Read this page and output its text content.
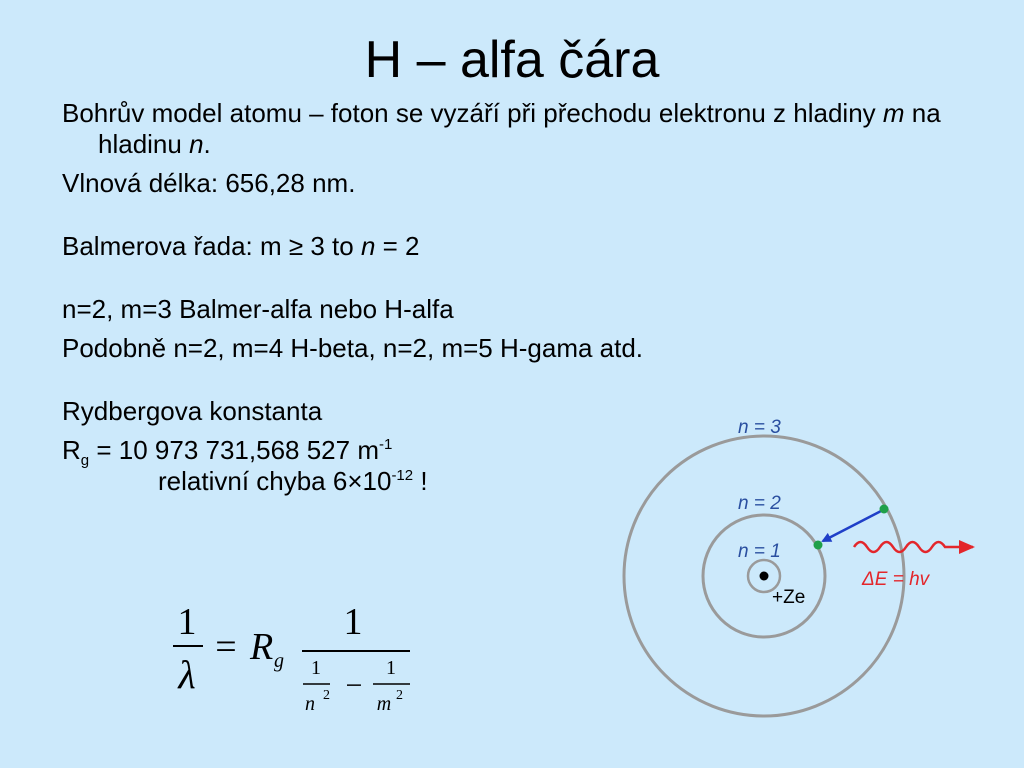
H – alfa čára

Bohrův model atomu – foton se vyzáří při přechodu elektronu z hladiny m na hladinu n.

Vlnová délka: 656,28 nm.

Balmerova řada: m ≥ 3 to n = 2

n=2, m=3 Balmer-alfa nebo H-alfa

Podobně n=2, m=4 H-beta, n=2, m=5 H-gama atd.

Rydbergova konstanta

$R_g = 10$ 973 731,568 527 $m^{-1}$

relativní chyba $6\times 10^{-12}$ !

1
λ
= R g
1
1
n 2 −
1
m 2
n = 3
n = 2
n = 1
+Ze
ΔE = hv
